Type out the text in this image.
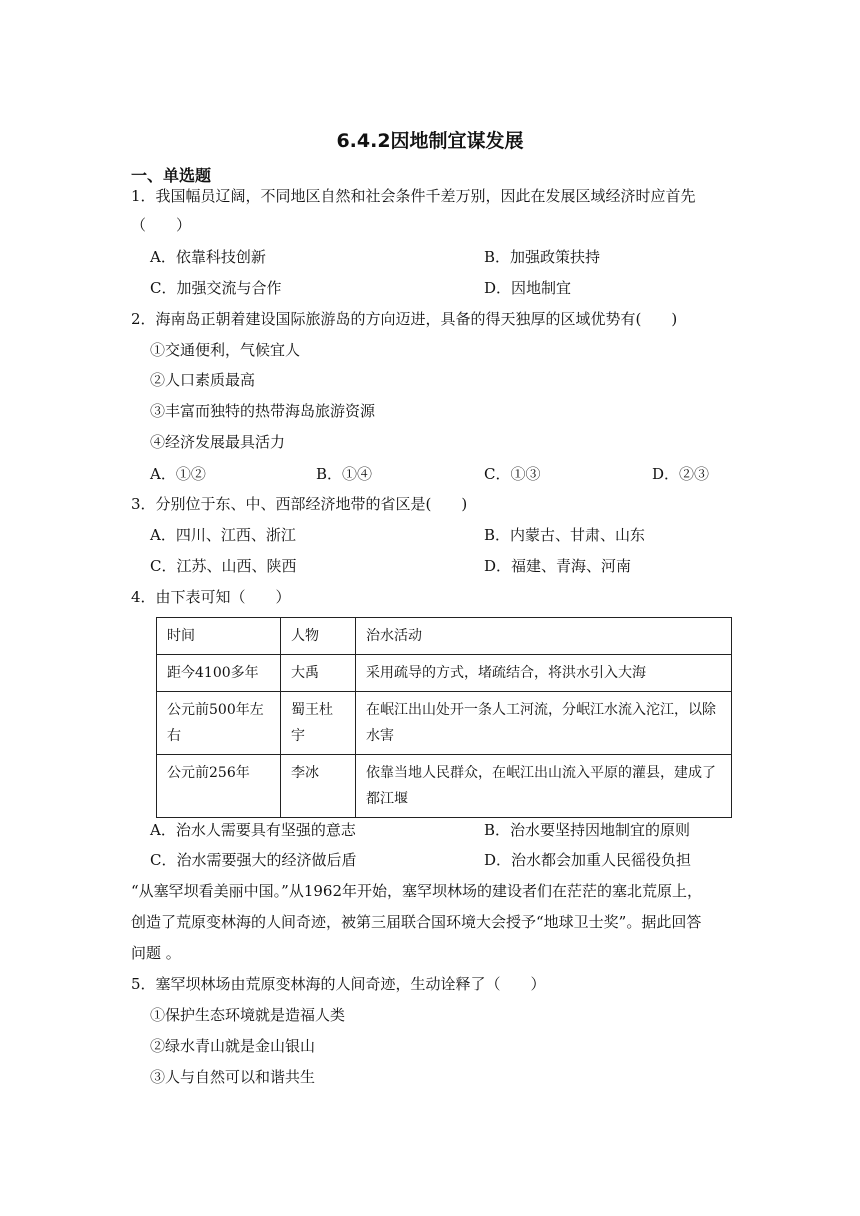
6.4.2因地制宜谋发展
一、单选题
1．我国幅员辽阔，不同地区自然和社会条件千差万别，因此在发展区域经济时应首先
（　　）
A．依靠科技创新	B．加强政策扶持
C．加强交流与合作	D．因地制宜
2．海南岛正朝着建设国际旅游岛的方向迈进，具备的得天独厚的区域优势有(　　)
①交通便利，气候宜人
②人口素质最高
③丰富而独特的热带海岛旅游资源
④经济发展最具活力
A．①②	B．①④	C．①③	D．②③
3．分别位于东、中、西部经济地带的省区是(　　)
A．四川、江西、浙江	B．内蒙古、甘肃、山东
C．江苏、山西、陕西	D．福建、青海、河南
4．由下表可知（　　）
时间	人物	治水活动
距今4100多年	大禹	采用疏导的方式，堵疏结合，将洪水引入大海
公元前500年左右	蜀王杜宇	在岷江出山处开一条人工河流，分岷江水流入沱江，以除水害
公元前256年	李冰	依靠当地人民群众，在岷江出山流入平原的灌县，建成了都江堰
A．治水人需要具有坚强的意志	B．治水要坚持因地制宜的原则
C．治水需要强大的经济做后盾	D．治水都会加重人民徭役负担
“从塞罕坝看美丽中国。”从1962年开始，塞罕坝林场的建设者们在茫茫的塞北荒原上，
创造了荒原变林海的人间奇迹，被第三届联合国环境大会授予“地球卫士奖”。据此回答
问题 。
5．塞罕坝林场由荒原变林海的人间奇迹，生动诠释了（　　）
①保护生态环境就是造福人类
②绿水青山就是金山银山
③人与自然可以和谐共生
